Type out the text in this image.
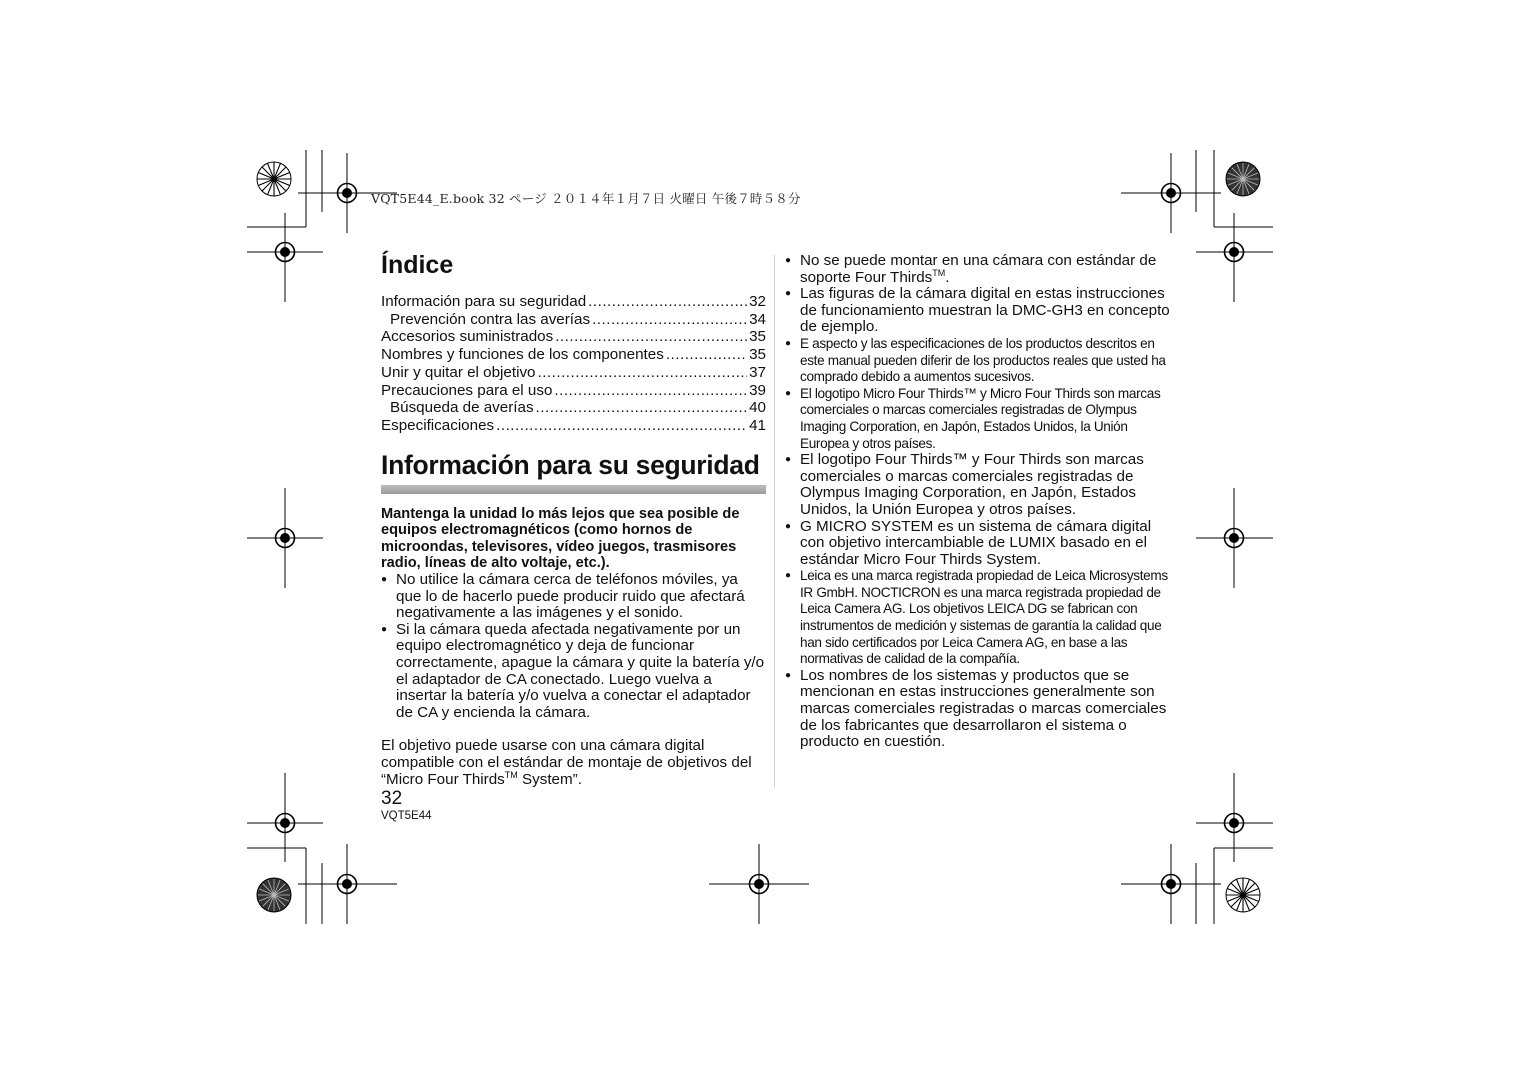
VQT5E44_E.book 32 ページ ２０１４年１月７日 火曜日 午後７時５８分
Índice
Información para su seguridad .....	32
Prevención contra las averías .....	34
Accesorios suministrados .....	35
Nombres y funciones de los componentes .....	35
Unir y quitar el objetivo .....	37
Precauciones para el uso .....	39
Búsqueda de averías .....	40
Especificaciones .....	41
Información para su seguridad

Mantenga la unidad lo más lejos que sea posible de equipos electromagnéticos (como hornos de microondas, televisores, vídeo juegos, trasmisores radio, líneas de alto voltaje, etc.).

● No utilice la cámara cerca de teléfonos móviles, ya que lo de hacerlo puede producir ruido que afectará negativamente a las imágenes y el sonido.
● Si la cámara queda afectada negativamente por un equipo electromagnético y deja de funcionar correctamente, apague la cámara y quite la batería y/o el adaptador de CA conectado. Luego vuelva a insertar la batería y/o vuelva a conectar el adaptador de CA y encienda la cámara.

El objetivo puede usarse con una cámara digital compatible con el estándar de montaje de objetivos del “Micro Four Thirds™ System”.

● No se puede montar en una cámara con estándar de soporte Four Thirds™.
● Las figuras de la cámara digital en estas instrucciones de funcionamiento muestran la DMC-GH3 en concepto de ejemplo.
● E aspecto y las especificaciones de los productos descritos en este manual pueden diferir de los productos reales que usted ha comprado debido a aumentos sucesivos.
● El logotipo Micro Four Thirds™ y Micro Four Thirds son marcas comerciales o marcas comerciales registradas de Olympus Imaging Corporation, en Japón, Estados Unidos, la Unión Europea y otros países.
● El logotipo Four Thirds™ y Four Thirds son marcas comerciales o marcas comerciales registradas de Olympus Imaging Corporation, en Japón, Estados Unidos, la Unión Europea y otros países.
● G MICRO SYSTEM es un sistema de cámara digital con objetivo intercambiable de LUMIX basado en el estándar Micro Four Thirds System.
● Leica es una marca registrada propiedad de Leica Microsystems IR GmbH. NOCTICRON es una marca registrada propiedad de Leica Camera AG. Los objetivos LEICA DG se fabrican con instrumentos de medición y sistemas de garantía la calidad que han sido certificados por Leica Camera AG, en base a las normativas de calidad de la compañía.
● Los nombres de los sistemas y productos que se mencionan en estas instrucciones generalmente son marcas comerciales registradas o marcas comerciales de los fabricantes que desarrollaron el sistema o producto en cuestión.
32
VQT5E44
